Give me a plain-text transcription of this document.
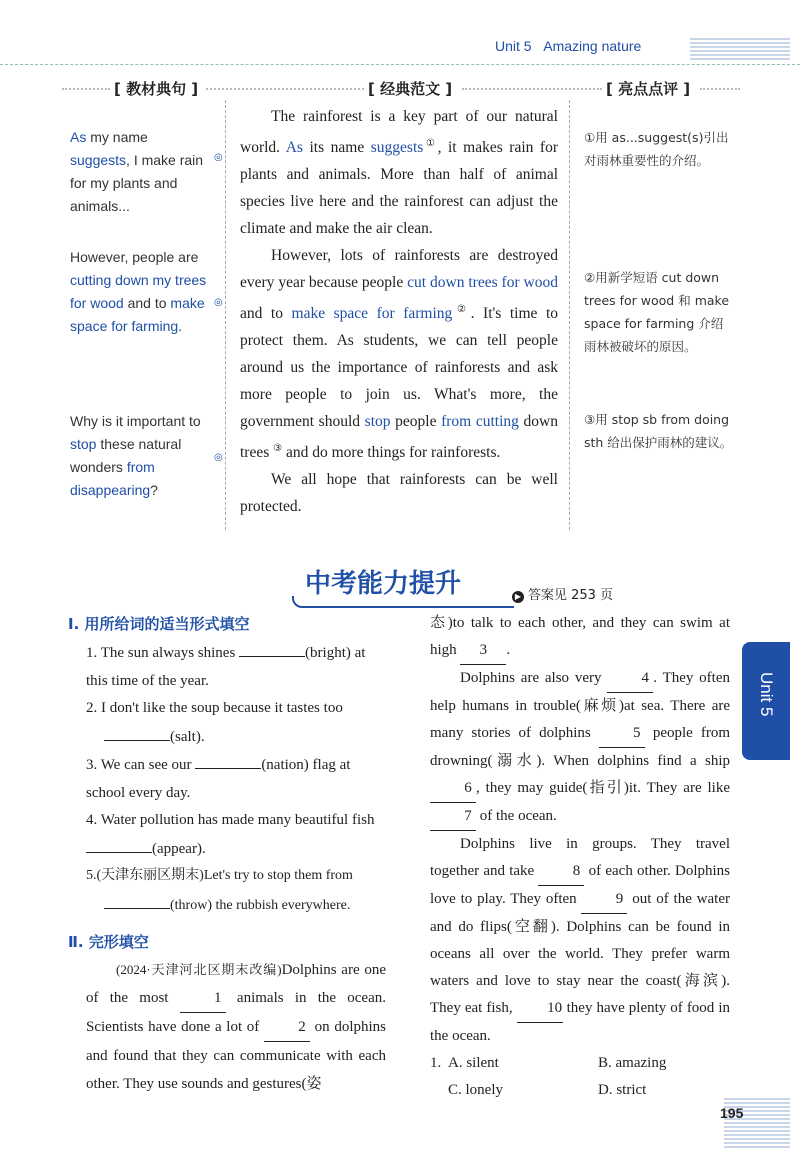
Unit 5 Amazing nature
[ 教材典句 ]	[ 经典范文 ]	[ 亮点点评 ]

As my name suggests, I make rain for my plants and animals...

However, people are cutting down my trees for wood and to make space for farming.

Why is it important to stop these natural wonders from disappearing?

◎
◎
◎

The rainforest is a key part of our natural world. As its name suggests①, it makes rain for plants and animals. More than half of animal species live here and the rainforest can adjust the climate and make the air clean.

However, lots of rainforests are destroyed every year because people cut down trees for wood and to make space for farming②. It's time to protect them. As students, we can tell people around us the importance of rainforests and ask more people to join us. What's more, the government should stop people from cutting down trees ③ and do more things for rainforests.

We all hope that rainforests can be well protected.

①用 as...suggest(s)引出对雨林重要性的介绍。

②用新学短语 cut down trees for wood 和 make space for farming 介绍雨林被破坏的原因。

③用 stop sb from doing sth 给出保护雨林的建议。

中考能力提升	▶ 答案见 253 页
Ⅰ. 用所给词的适当形式填空
1. The sun always shines	(bright) at this time of the year.
2. I don't like the soup because it tastes too (salt).
3. We can see our	(nation) flag at school every day.
4. Water pollution has made many beautiful fish (appear).
5.(天津东丽区期末)Let's try to stop them from (throw) the rubbish everywhere.
Ⅱ. 完形填空
(2024·天津河北区期末改编)Dolphins are one of the most 1 animals in the ocean. Scientists have done a lot of 2 on dolphins and found that they can communicate with each other. They use sounds and gestures(姿

态)to talk to each other, and they can swim at high 3 .

Dolphins are also very 4 . They often help humans in trouble(麻烦)at sea. There are many stories of dolphins 5 people from drowning(溺水). When dolphins find a ship 6 , they may guide(指引)it. They are like 7 of the ocean.

Dolphins live in groups. They travel together and take 8 of each other. Dolphins love to play. They often 9 out of the water and do flips(空翻). Dolphins can be found in oceans all over the world. They prefer warm waters and love to stay near the coast(海滨). They eat fish, 10 they have plenty of food in the ocean.

1. A. silent	B. amazing
C. lonely	D. strict
Unit 5
195
